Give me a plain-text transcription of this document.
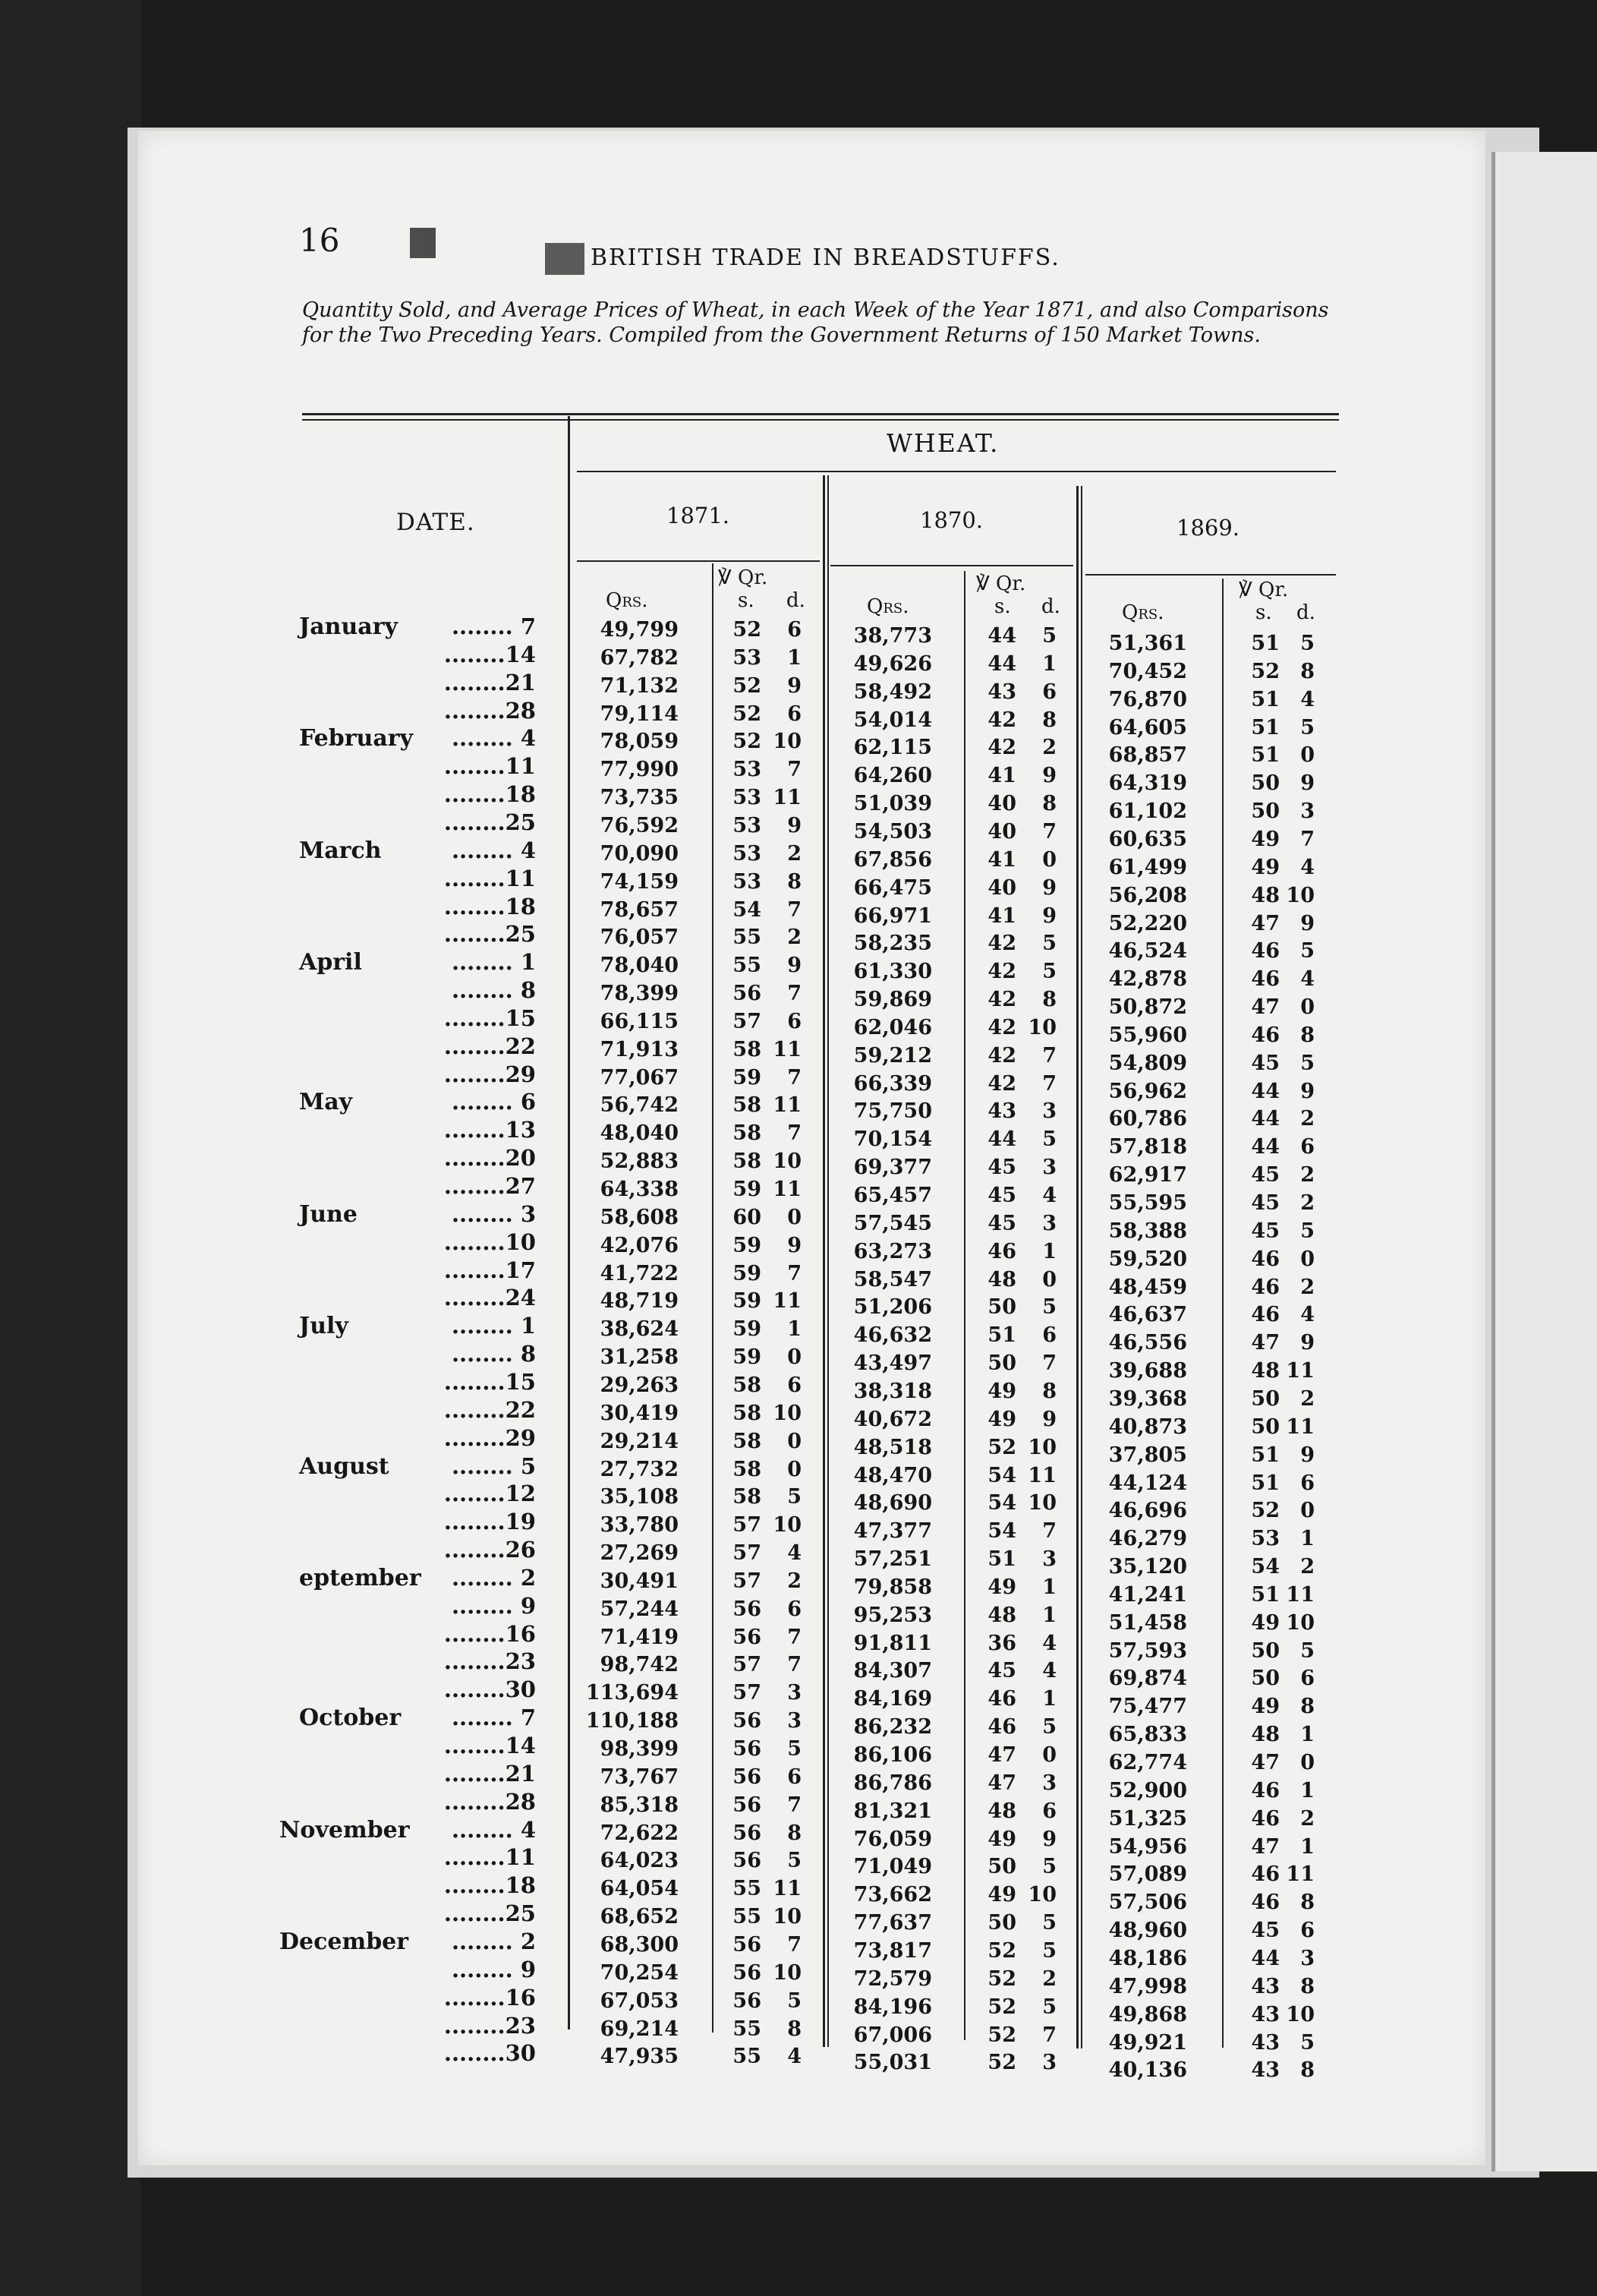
16	BRITISH TRADE IN BREADSTUFFS.
Quantity Sold, and Average Prices of Wheat, in each Week of the Year 1871, and also Comparisons for the Two Preceding Years. Compiled from the Government Returns of 150 Market Towns.
WHEAT.
DATE.	1871.
Qrs.
℣ Qr.
s. d.
1870.
Qrs.
℣ Qr.
s. d.
1869.
Qrs.
℣ Qr.
s. d.
January	........ 7	49,799	52	6	38,773	44	5	51,361	51	5
........14	67,782	53	1	49,626	44	1	70,452	52	8
........21	71,132	52	9	58,492	43	6	76,870	51	4
........28	79,114	52	6	54,014	42	8	64,605	51	5
February	........ 4	78,059	52 10	62,115	42	2	68,857	51	0
........11	77,990	53	7	64,260	41	9	64,319	50	9
........18	73,735	53 11	51,039	40	8	61,102	50	3
........25	76,592	53	9	54,503	40	7	60,635	49	7
March	........ 4	70,090	53	2	67,856	41	0	61,499	49	4
........11	74,159	53	8	66,475	40	9	56,208	48 10
........18	78,657	54	7	66,971	41	9	52,220	47	9
........25	76,057	55	2	58,235	42	5	46,524	46	5
April	........ 1	78,040	55	9	61,330	42	5	42,878	46	4
........ 8	78,399	56	7	59,869	42	8	50,872	47	0
........15	66,115	57	6	62,046	42 10	55,960	46	8
........22	71,913	58 11	59,212	42	7	54,809	45	5
........29	77,067	59	7	66,339	42	7	56,962	44	9
May	........ 6	56,742	58 11	75,750	43	3	60,786	44	2
........13	48,040	58	7	70,154	44	5	57,818	44	6
........20	52,883	58 10	69,377	45	3	62,917	45	2
........27	64,338	59 11	65,457	45	4	55,595	45	2
June	........ 3	58,608	60	0	57,545	45	3	58,388	45	5
........10	42,076	59	9	63,273	46	1	59,520	46	0
........17	41,722	59	7	58,547	48	0	48,459	46	2
........24	48,719	59 11	51,206	50	5	46,637	46	4
July	........ 1	38,624	59	1	46,632	51	6	46,556	47	9
........ 8	31,258	59	0	43,497	50	7	39,688	48 11
........15	29,263	58	6	38,318	49	8	39,368	50	2
........22	30,419	58 10	40,672	49	9	40,873	50 11
........29	29,214	58	0	48,518	52 10	37,805	51	9
August	........ 5	27,732	58	0	48,470	54 11	44,124	51	6
........12	35,108	58	5	48,690	54 10	46,696	52	0
........19	33,780	57 10	47,377	54	7	46,279	53	1
........26	27,269	57	4	57,251	51	3	35,120	54	2
eptember	........ 2	30,491	57	2	79,858	49	1	41,241	51 11
........ 9	57,244	56	6	95,253	48	1	51,458	49 10
........16	71,419	56	7	91,811	36	4	57,593	50	5
........23	98,742	57	7	84,307	45	4	69,874	50	6
........30 113,694	57	3	84,169	46	1	75,477	49	8
October	........ 7 110,188	56	3	86,232	46	5	65,833	48	1
........14	98,399	56	5	86,106	47	0	62,774	47	0
........21	73,767	56	6	86,786	47	3	52,900	46	1
........28	85,318	56	7	81,321	48	6	51,325	46	2
November	........ 4	72,622	56	8	76,059	49	9	54,956	47	1
........11	64,023	56	5	71,049	50	5	57,089	46 11
........18	64,054	55 11	73,662	49 10	57,506	46	8
........25	68,652	55 10	77,637	50	5	48,960	45	6
December	........ 2	68,300	56	7	73,817	52	5	48,186	44	3
........ 9	70,254	56 10	72,579	52	2	47,998	43	8
........16	67,053	56	5	84,196	52	5	49,868	43 10
........23	69,214	55	8	67,006	52	7	49,921	43	5
........30	47,935	55	4	55,031	52	3	40,136	43	8
